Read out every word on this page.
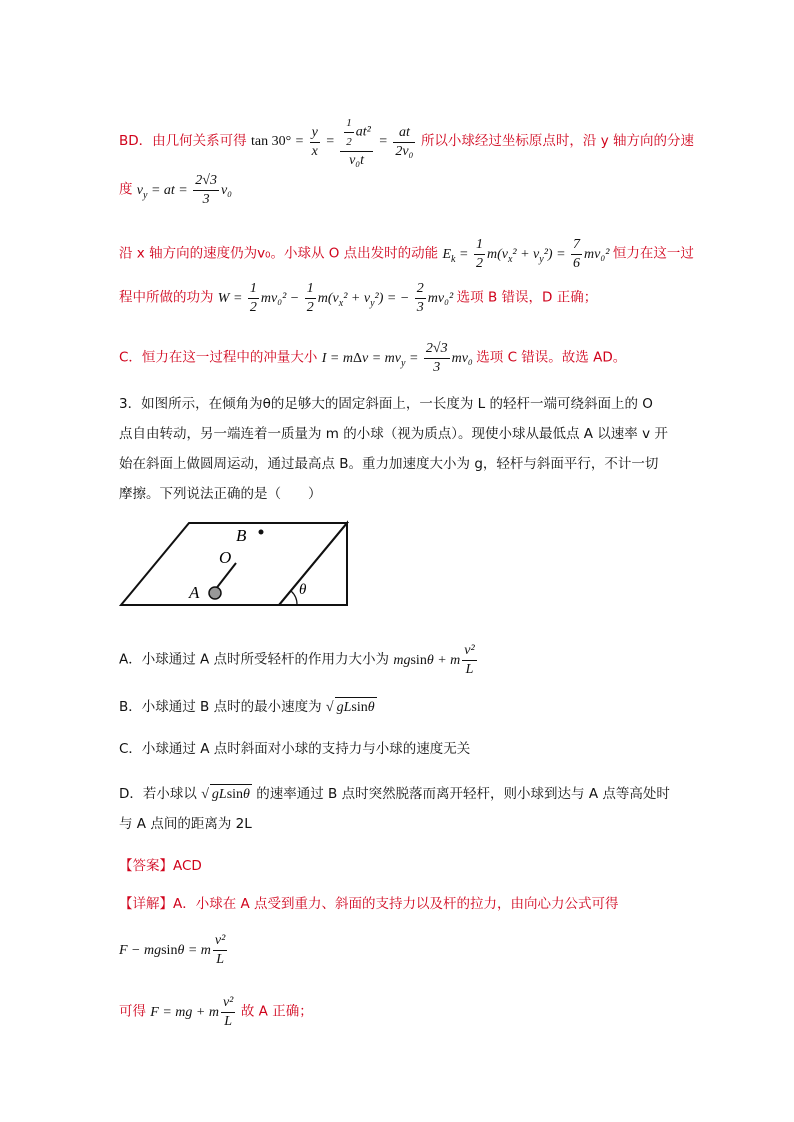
BD．由几何关系可得 $\tan 30^\circ = \frac{y}{x} = \frac{\frac{1}{2} at^2}{\text{v₀t}} = \frac{at}{\text{2v₀}}$ 所以小球经过坐标原点时，沿 y 轴方向的分速
度 $v_y$ = at = $\frac{2√3}{3} v_0$
沿 x 轴方向的速度仍为v₀。小球从 O 点出发时的动能 $E_k = \frac{1}{2} m(v_x^2 + v_y^2) = \frac{7}{6} mv_0^2$ 恒力在这一过
程中所做的功为 $W = \frac{1}{2} mv_0^2 - \frac{1}{2} m(v_x^2 + v_y^2)$ = − $\frac{2}{3} mv_0^2$ 选项 B 错误，D 正确；
C．恒力在这一过程中的冲量大小 $I = m\Delta v = mv_y = \frac{2√3}{3} mv_0$ 选项 C 错误。故选 AD。
3．如图所示，在倾角为θ的足够大的固定斜面上，一长度为 L 的轻杆一端可绕斜面上的 O
点自由转动，另一端连着一质量为 m 的小球（视为质点）。现使小球从最低点 A 以速率 v 开
始在斜面上做圆周运动，通过最高点 B。重力加速度大小为 g，轻杆与斜面平行，不计一切
摩擦。下列说法正确的是（　　）
θ
B
O
A
A．小球通过 A 点时所受轻杆的作用力大小为 mgsinθ + m $\frac{\text{v²}}{L}$
B．小球通过 B 点时的最小速度为 √ gLsinθ
C．小球通过 A 点时斜面对小球的支持力与小球的速度无关
D．若小球以 √ gLsinθ 的速率通过 B 点时突然脱落而离开轻杆，则小球到达与 A 点等高处时
与 A 点间的距离为 2L
【答案】ACD
【详解】A．小球在 A 点受到重力、斜面的支持力以及杆的拉力，由向心力公式可得
F − mgsinθ = m $\frac{\text{v²}}{L}$
可得 F = mg + m $\frac{\text{v²}}{L}$ 故 A 正确；
